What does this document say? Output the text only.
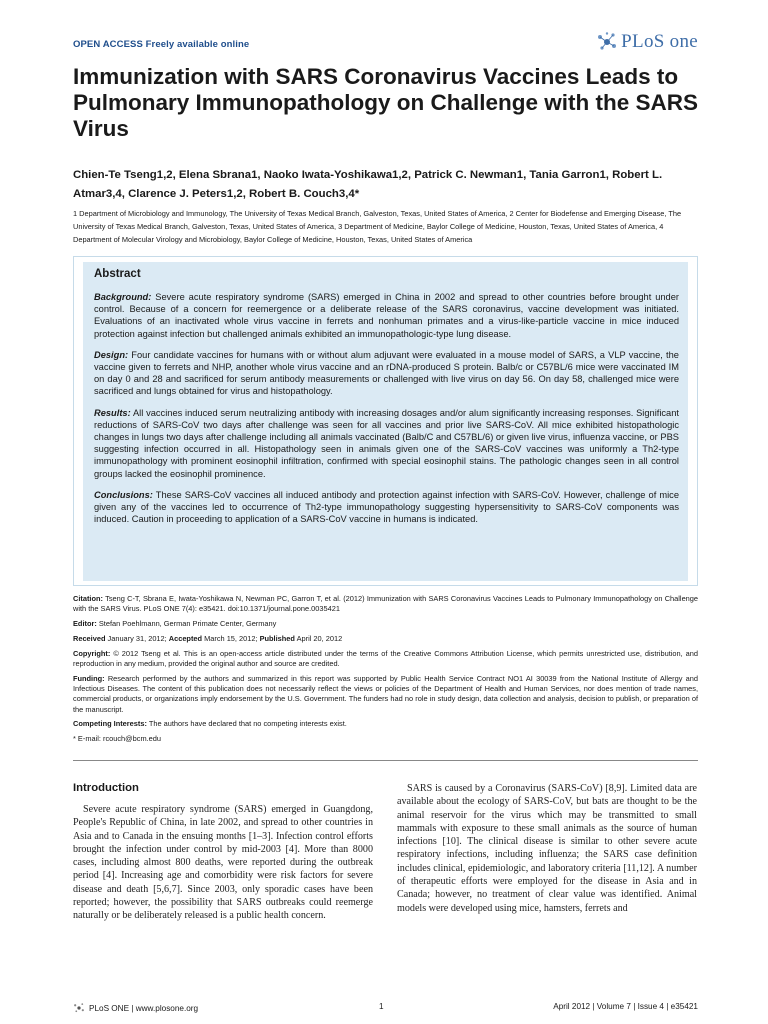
OPEN ACCESS Freely available online	PLoS one
Immunization with SARS Coronavirus Vaccines Leads to Pulmonary Immunopathology on Challenge with the SARS Virus
Chien-Te Tseng1,2, Elena Sbrana1, Naoko Iwata-Yoshikawa1,2, Patrick C. Newman1, Tania Garron1, Robert L. Atmar3,4, Clarence J. Peters1,2, Robert B. Couch3,4*
1 Department of Microbiology and Immunology, The University of Texas Medical Branch, Galveston, Texas, United States of America, 2 Center for Biodefense and Emerging Disease, The University of Texas Medical Branch, Galveston, Texas, United States of America, 3 Department of Medicine, Baylor College of Medicine, Houston, Texas, United States of America, 4 Department of Molecular Virology and Microbiology, Baylor College of Medicine, Houston, Texas, United States of America
Abstract

Background: Severe acute respiratory syndrome (SARS) emerged in China in 2002 and spread to other countries before brought under control. Because of a concern for reemergence or a deliberate release of the SARS coronavirus, vaccine development was initiated. Evaluations of an inactivated whole virus vaccine in ferrets and nonhuman primates and a virus-like-particle vaccine in mice induced protection against infection but challenged animals exhibited an immunopathologic-type lung disease.

Design: Four candidate vaccines for humans with or without alum adjuvant were evaluated in a mouse model of SARS, a VLP vaccine, the vaccine given to ferrets and NHP, another whole virus vaccine and an rDNA-produced S protein. Balb/c or C57BL/6 mice were vaccinated IM on day 0 and 28 and sacrificed for serum antibody measurements or challenged with live virus on day 56. On day 58, challenged mice were sacrificed and lungs obtained for virus and histopathology.

Results: All vaccines induced serum neutralizing antibody with increasing dosages and/or alum significantly increasing responses. Significant reductions of SARS-CoV two days after challenge was seen for all vaccines and prior live SARS-CoV. All mice exhibited histopathologic changes in lungs two days after challenge including all animals vaccinated (Balb/C and C57BL/6) or given live virus, influenza vaccine, or PBS suggesting infection occurred in all. Histopathology seen in animals given one of the SARS-CoV vaccines was uniformly a Th2-type immunopathology with prominent eosinophil infiltration, confirmed with special eosinophil stains. The pathologic changes seen in all control groups lacked the eosinophil prominence.

Conclusions: These SARS-CoV vaccines all induced antibody and protection against infection with SARS-CoV. However, challenge of mice given any of the vaccines led to occurrence of Th2-type immunopathology suggesting hypersensitivity to SARS-CoV components was induced. Caution in proceeding to application of a SARS-CoV vaccine in humans is indicated.

Citation: Tseng C-T, Sbrana E, Iwata-Yoshikawa N, Newman PC, Garron T, et al. (2012) Immunization with SARS Coronavirus Vaccines Leads to Pulmonary Immunopathology on Challenge with the SARS Virus. PLoS ONE 7(4): e35421. doi:10.1371/journal.pone.0035421

Editor: Stefan Poehlmann, German Primate Center, Germany

Received January 31, 2012; Accepted March 15, 2012; Published April 20, 2012

Copyright: © 2012 Tseng et al. This is an open-access article distributed under the terms of the Creative Commons Attribution License, which permits unrestricted use, distribution, and reproduction in any medium, provided the original author and source are credited.

Funding: Research performed by the authors and summarized in this report was supported by Public Health Service Contract NO1 AI 30039 from the National Institute of Allergy and Infectious Diseases. The content of this publication does not necessarily reflect the views or policies of the Department of Health and Human Services, nor does mention of trade names, commercial products, or organizations imply endorsement by the U.S. Government. The funders had no role in study design, data collection and analysis, decision to publish, or preparation of the manuscript.

Competing Interests: The authors have declared that no competing interests exist.

* E-mail: rcouch@bcm.edu

Introduction

Severe acute respiratory syndrome (SARS) emerged in Guangdong, People's Republic of China, in late 2002, and spread to other countries in Asia and to Canada in the ensuing months [1–3]. Infection control efforts brought the infection under control by mid-2003 [4]. More than 8000 cases, including almost 800 deaths, were reported during the outbreak period [4]. Increasing age and comorbidity were risk factors for severe disease and death [5,6,7]. Since 2003, only sporadic cases have been reported; however, the possibility that SARS outbreaks could reemerge naturally or be deliberately released is a public health concern.

SARS is caused by a Coronavirus (SARS-CoV) [8,9]. Limited data are available about the ecology of SARS-CoV, but bats are thought to be the animal reservoir for the virus which may be transmitted to small mammals with exposure to these small animals as the source of human infections [10]. The clinical disease is similar to other severe acute respiratory infections, including influenza; the SARS case definition includes clinical, epidemiologic, and laboratory criteria [11,12]. A number of therapeutic efforts were employed for the disease in Asia and in Canada; however, no treatment of clear value was identified. Animal models were developed using mice, hamsters, ferrets and

PLoS ONE | www.plosone.org	1	April 2012 | Volume 7 | Issue 4 | e35421
